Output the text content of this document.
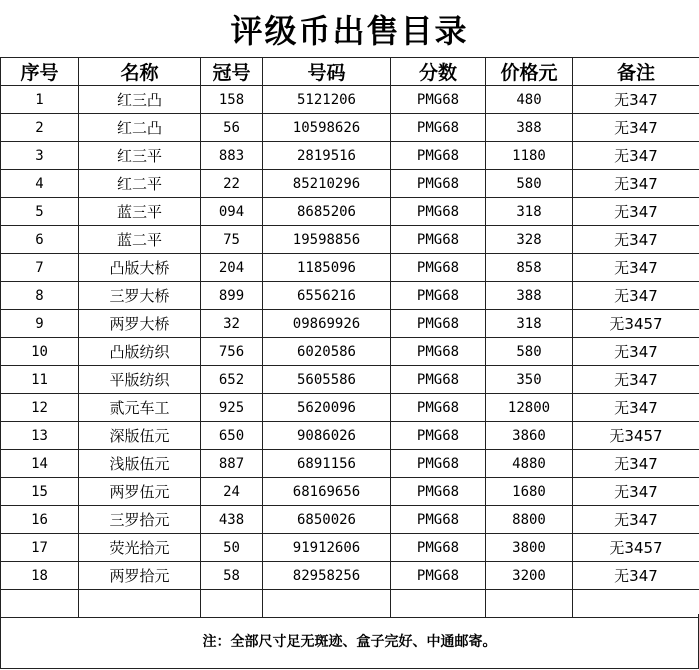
评级币出售目录
序号	名称	冠号	号码	分数	价格元	备注
1	红三凸	158	5121206	PMG68	480	无347
2	红二凸	56	10598626	PMG68	388	无347
3	红三平	883	2819516	PMG68	1180	无347
4	红二平	22	85210296	PMG68	580	无347
5	蓝三平	094	8685206	PMG68	318	无347
6	蓝二平	75	19598856	PMG68	328	无347
7	凸版大桥	204	1185096	PMG68	858	无347
8	三罗大桥	899	6556216	PMG68	388	无347
9	两罗大桥	32	09869926	PMG68	318	无3457
10	凸版纺织	756	6020586	PMG68	580	无347
11	平版纺织	652	5605586	PMG68	350	无347
12	贰元车工	925	5620096	PMG68	12800	无347
13	深版伍元	650	9086026	PMG68	3860	无3457
14	浅版伍元	887	6891156	PMG68	4880	无347
15	两罗伍元	24	68169656	PMG68	1680	无347
16	三罗拾元	438	6850026	PMG68	8800	无347
17	荧光拾元	50	91912606	PMG68	3800	无3457
18	两罗拾元	58	82958256	PMG68	3200	无347

注：全部尺寸足无斑迹、盒子完好、中通邮寄。
